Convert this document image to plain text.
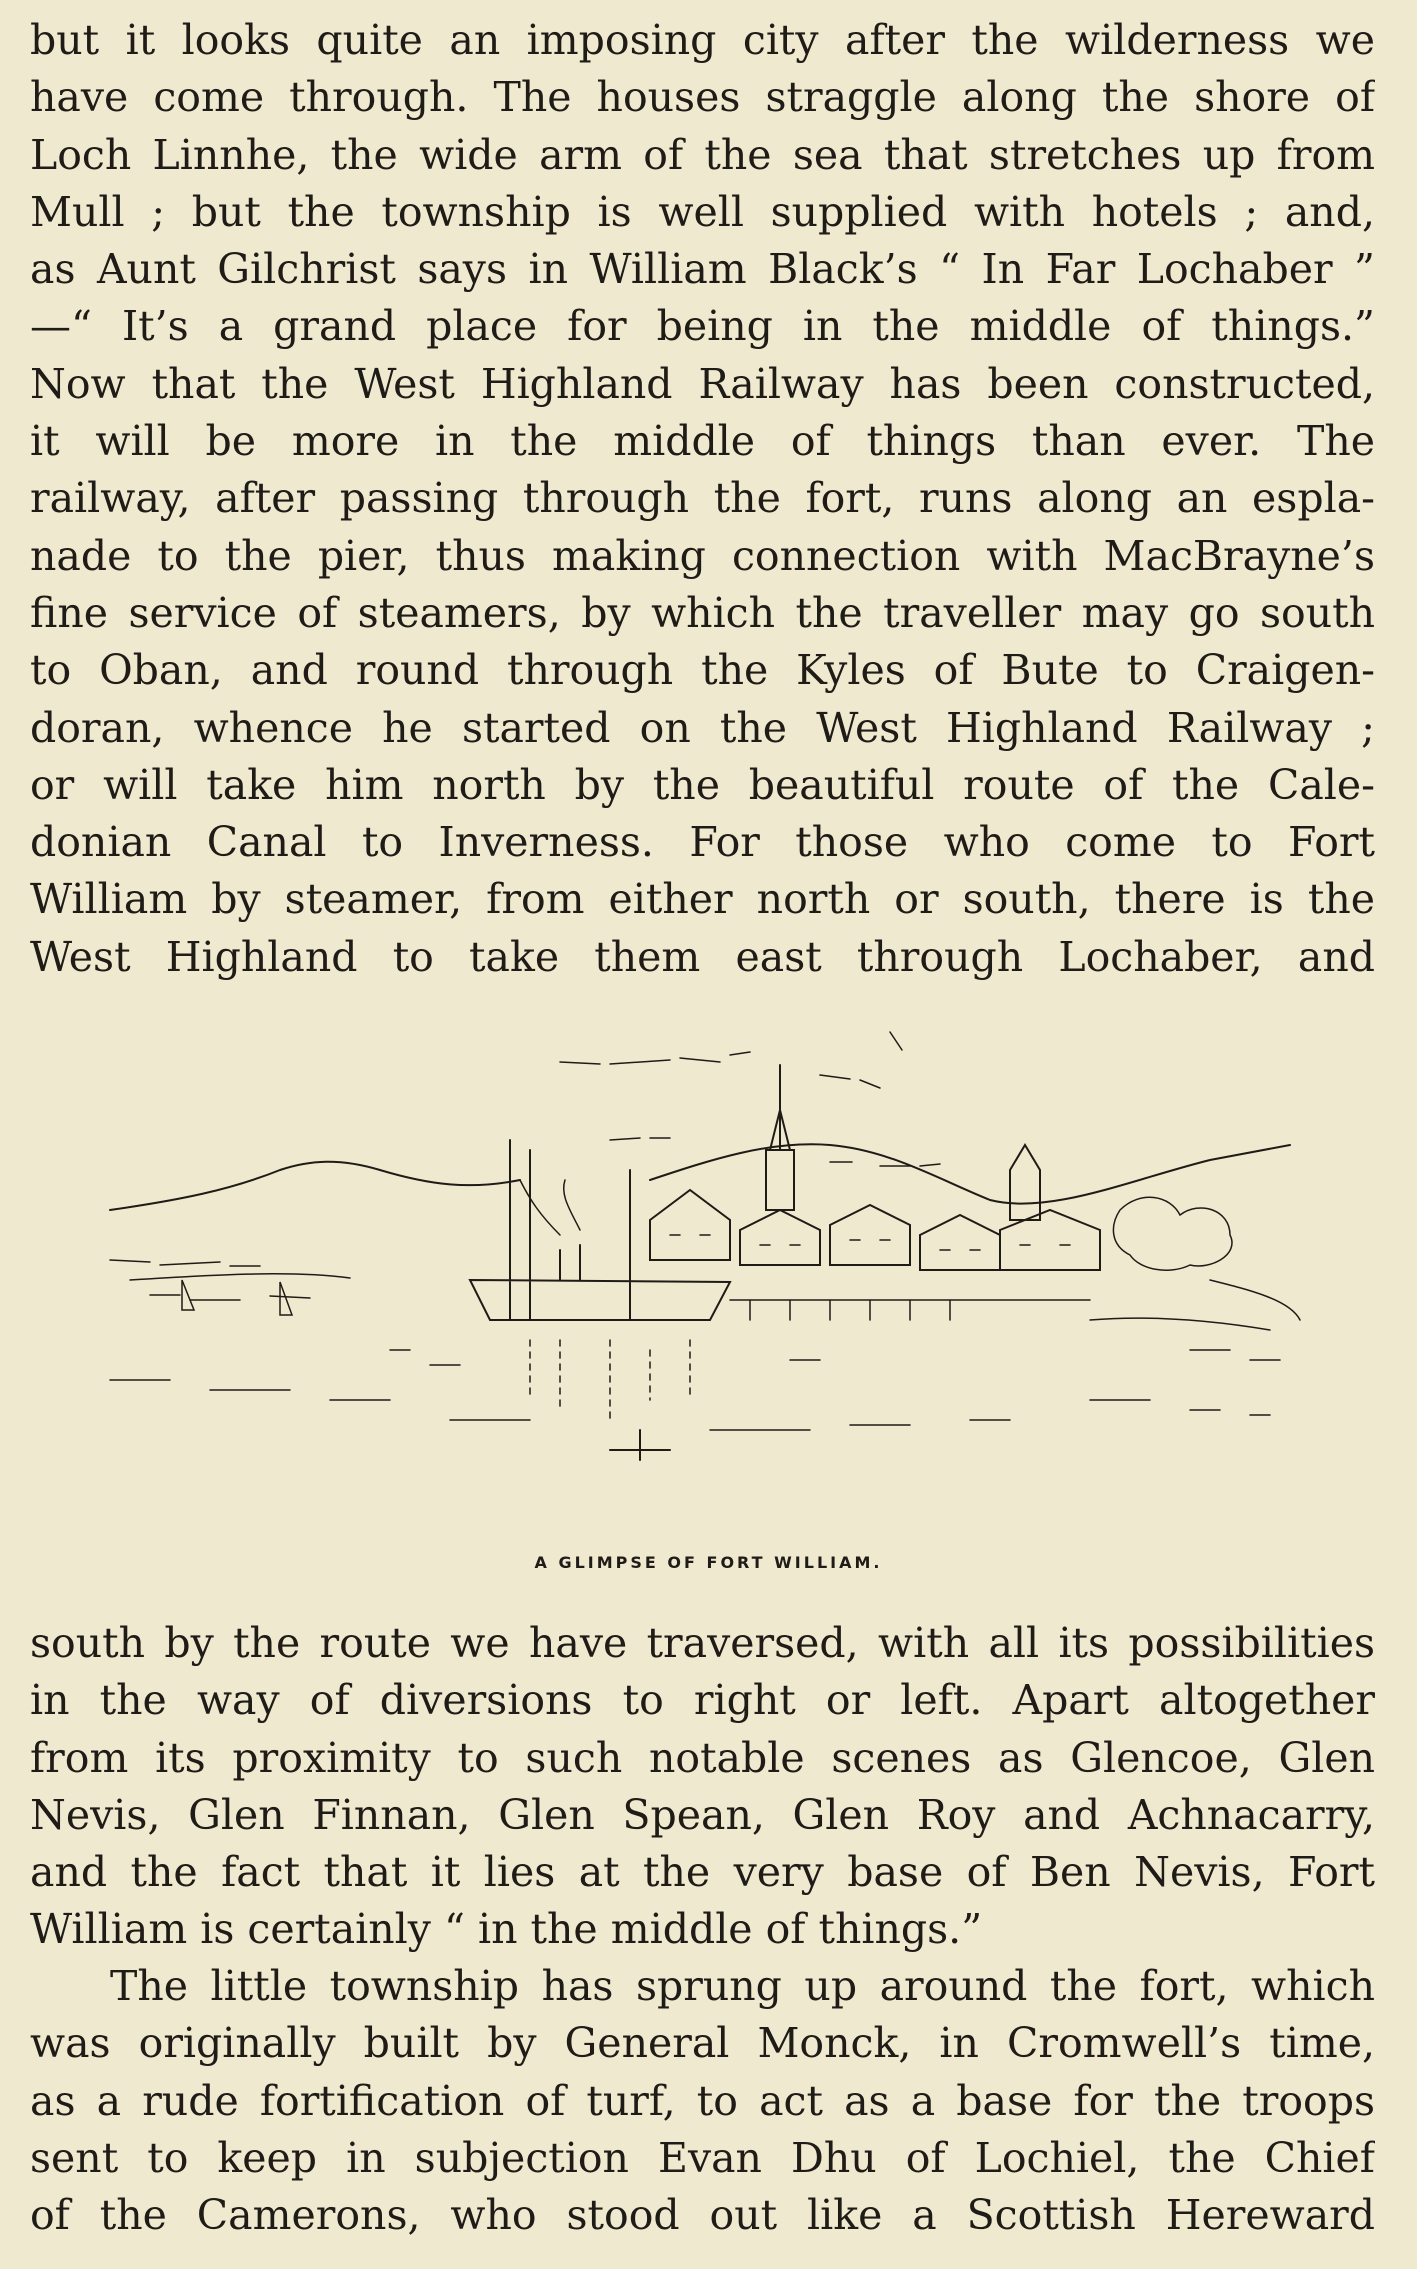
but it looks quite an imposing city after the wilderness we
have come through. The houses straggle along the shore of
Loch Linnhe, the wide arm of the sea that stretches up from
Mull ; but the township is well supplied with hotels ; and,
as Aunt Gilchrist says in William Black’s “ In Far Lochaber ”
—“ It’s a grand place for being in the middle of things.”
Now that the West Highland Railway has been constructed,
it will be more in the middle of things than ever. The
railway, after passing through the fort, runs along an espla-
nade to the pier, thus making connection with MacBrayne’s
fine service of steamers, by which the traveller may go south
to Oban, and round through the Kyles of Bute to Craigen-
doran, whence he started on the West Highland Railway ;
or will take him north by the beautiful route of the Cale-
donian Canal to Inverness. For those who come to Fort
William by steamer, from either north or south, there is the
West Highland to take them east through Lochaber, and
A GLIMPSE OF FORT WILLIAM.
south by the route we have traversed, with all its possibilities
in the way of diversions to right or left. Apart altogether
from its proximity to such notable scenes as Glencoe, Glen
Nevis, Glen Finnan, Glen Spean, Glen Roy and Achnacarry,
and the fact that it lies at the very base of Ben Nevis, Fort
William is certainly “ in the middle of things.”
The little township has sprung up around the fort, which
was originally built by General Monck, in Cromwell’s time,
as a rude fortification of turf, to act as a base for the troops
sent to keep in subjection Evan Dhu of Lochiel, the Chief
of the Camerons, who stood out like a Scottish Hereward
